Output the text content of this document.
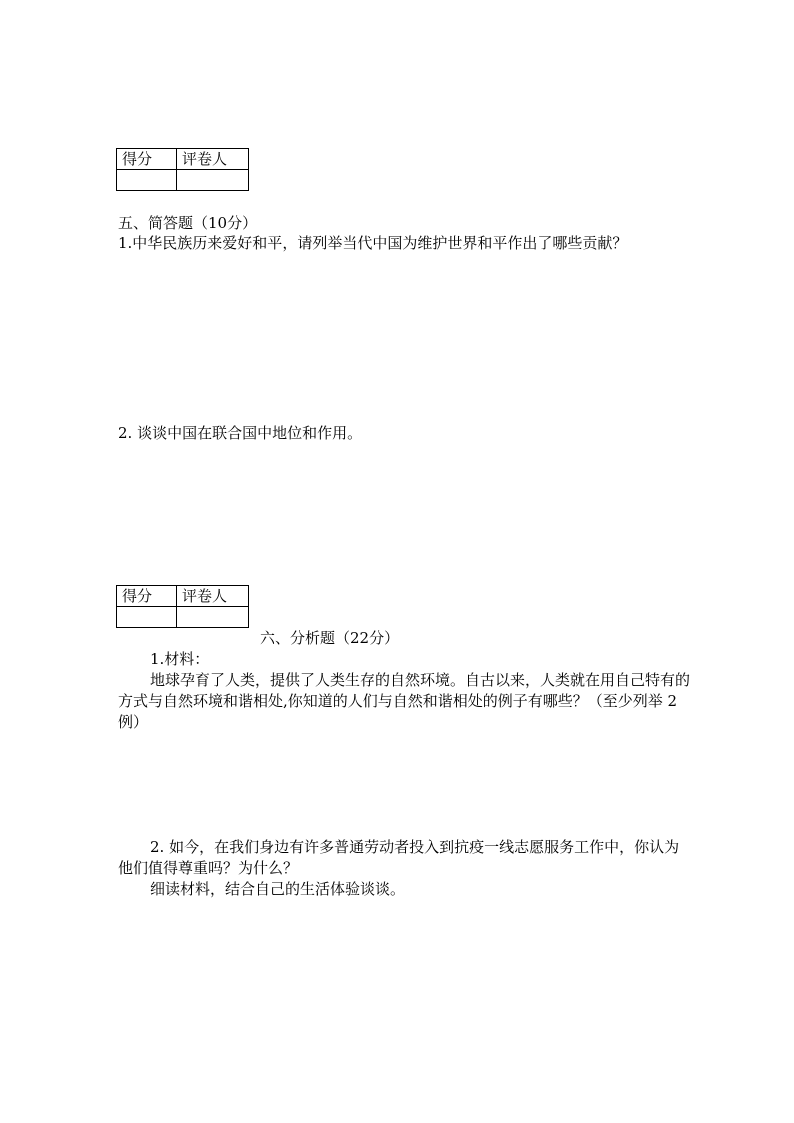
得分	评卷人

五、简答题（10分）
1.中华民族历来爱好和平，请列举当代中国为维护世界和平作出了哪些贡献？
2. 谈谈中国在联合国中地位和作用。
得分	评卷人

六、分析题（22分）
1.材料：
地球孕育了人类，提供了人类生存的自然环境。自古以来，人类就在用自己特有的
方式与自然环境和谐相处,你知道的人们与自然和谐相处的例子有哪些？（至少列举 2
例）
2. 如今，在我们身边有许多普通劳动者投入到抗疫一线志愿服务工作中，你认为
他们值得尊重吗？为什么？
细读材料，结合自己的生活体验谈谈。
